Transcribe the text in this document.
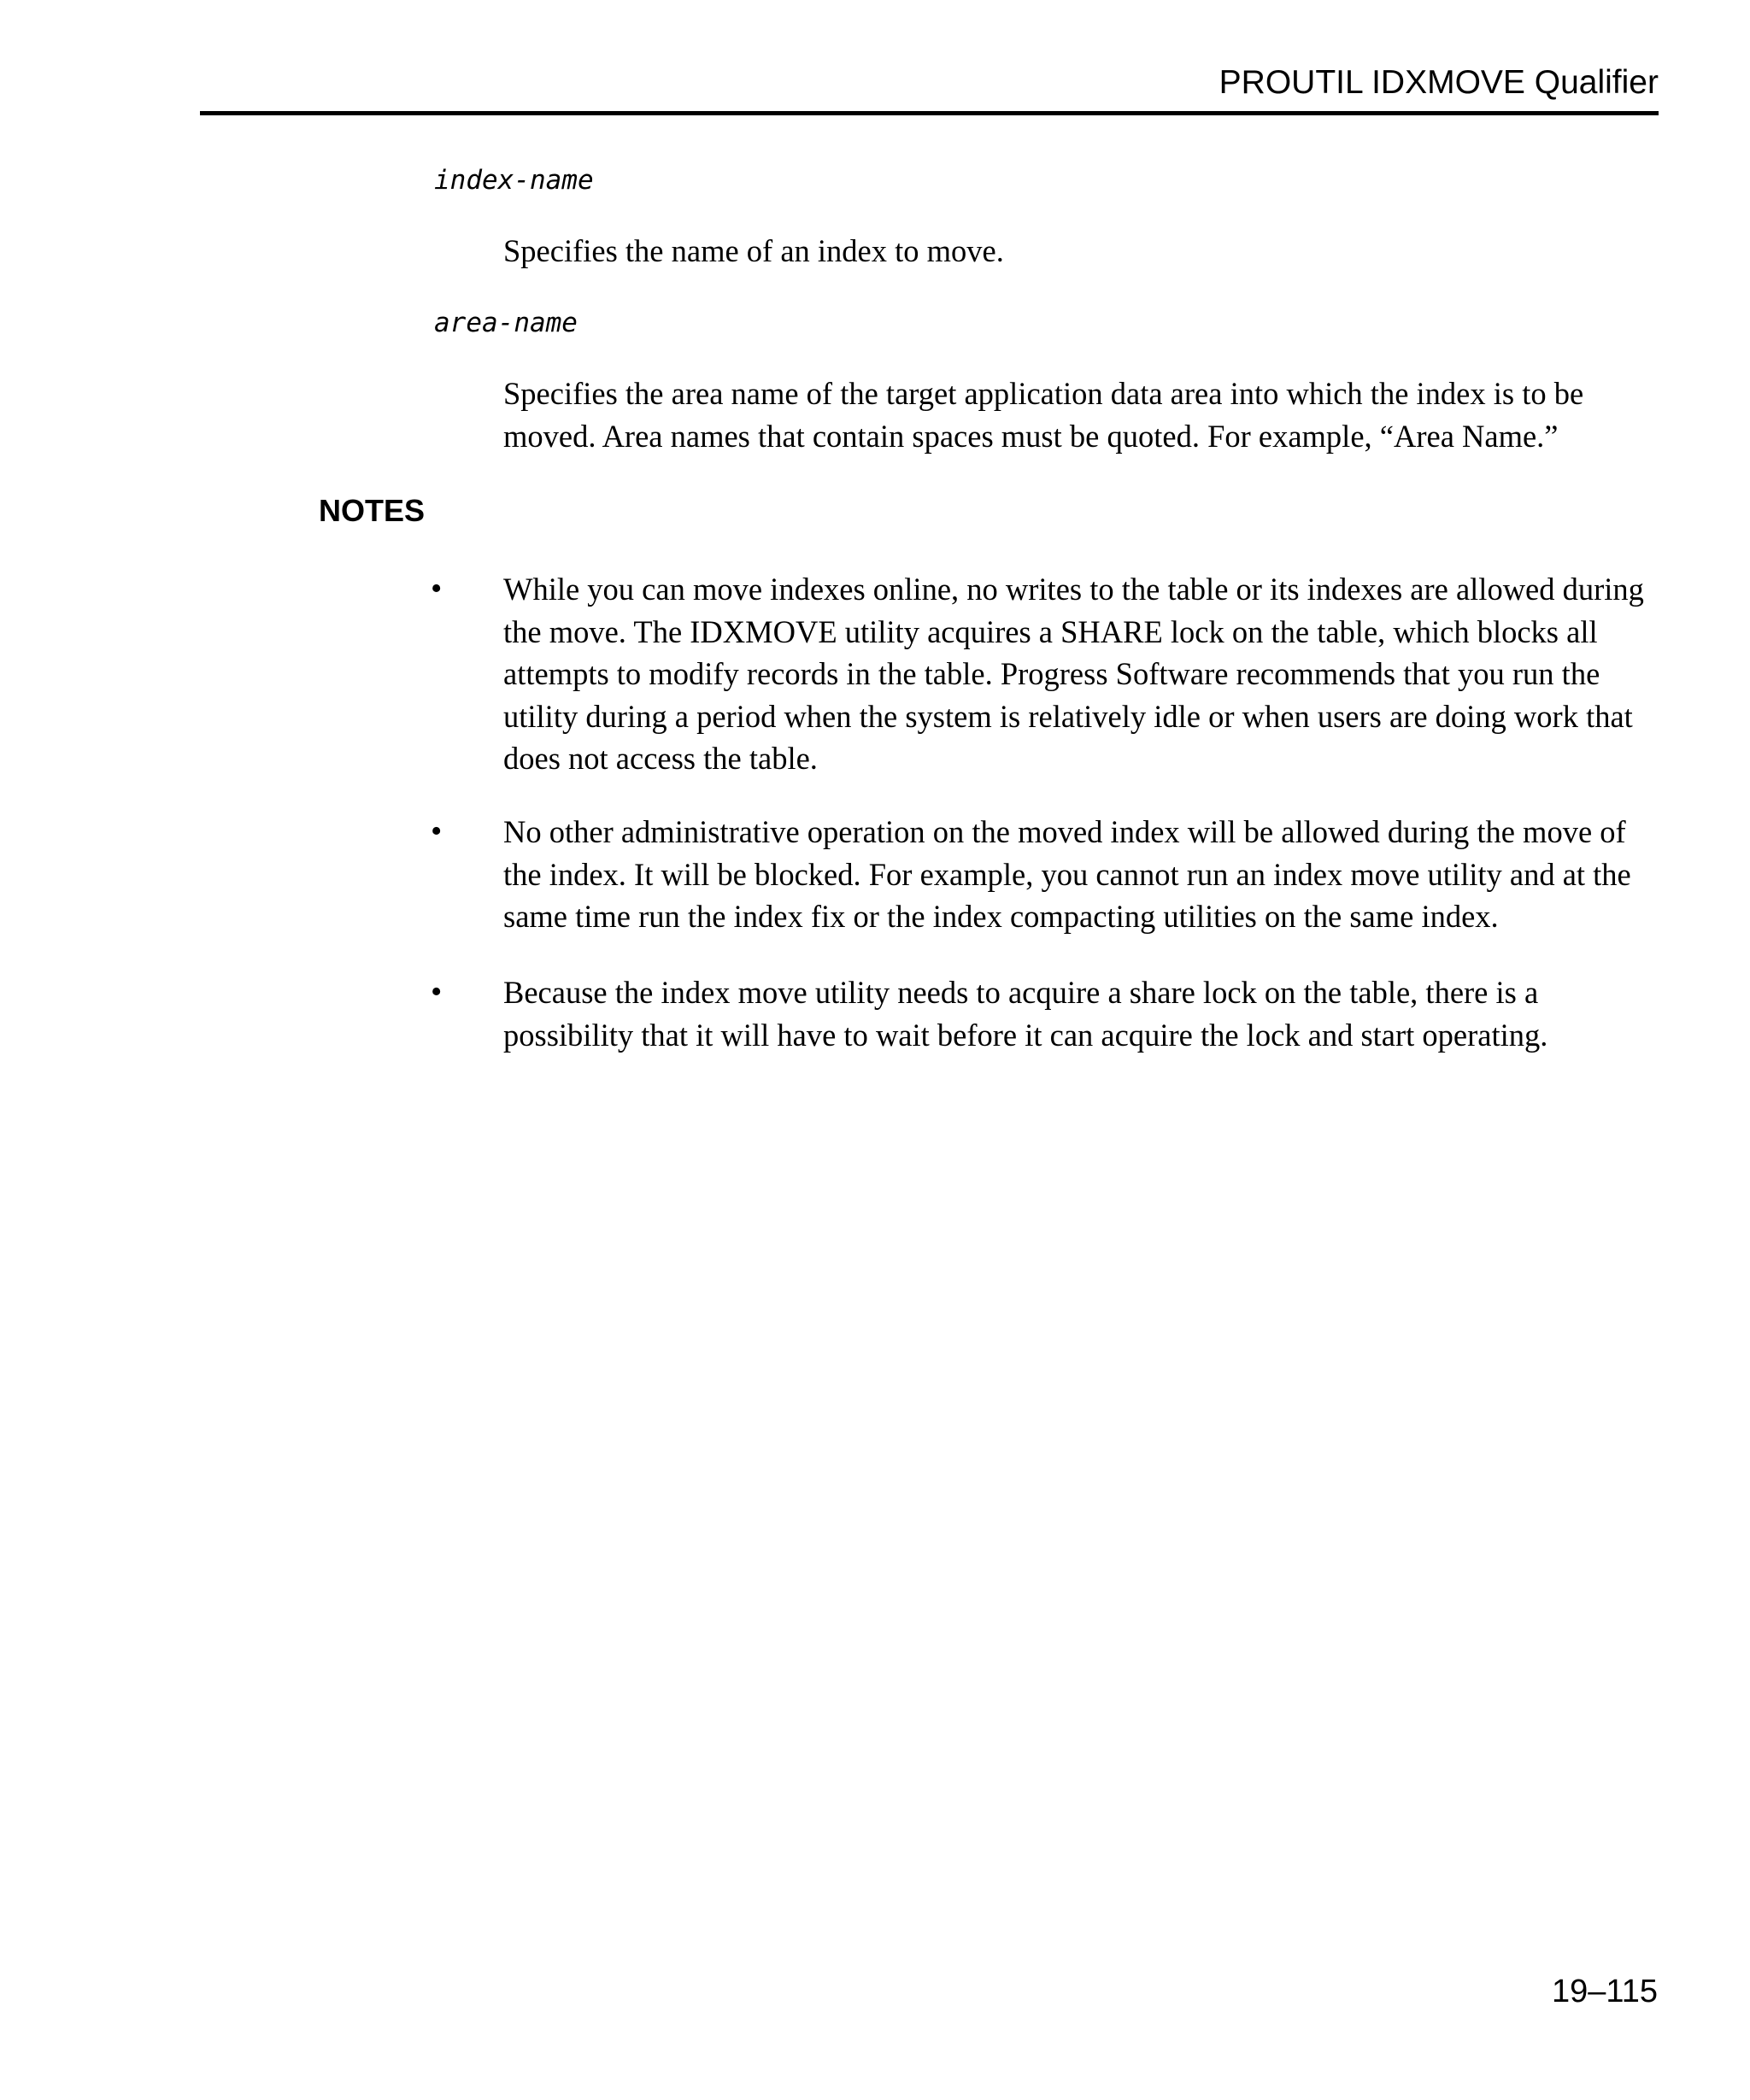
PROUTIL IDXMOVE Qualifier
index-name

Specifies the name of an index to move.

area-name

Specifies the area name of the target application data area into which the index is to be moved. Area names that contain spaces must be quoted. For example, “Area Name.”

NOTES
• While you can move indexes online, no writes to the table or its indexes are allowed during the move. The IDXMOVE utility acquires a SHARE lock on the table, which blocks all attempts to modify records in the table. Progress Software recommends that you run the utility during a period when the system is relatively idle or when users are doing work that does not access the table.

• No other administrative operation on the moved index will be allowed during the move of the index. It will be blocked. For example, you cannot run an index move utility and at the same time run the index fix or the index compacting utilities on the same index.

• Because the index move utility needs to acquire a share lock on the table, there is a possibility that it will have to wait before it can acquire the lock and start operating.

19–115
